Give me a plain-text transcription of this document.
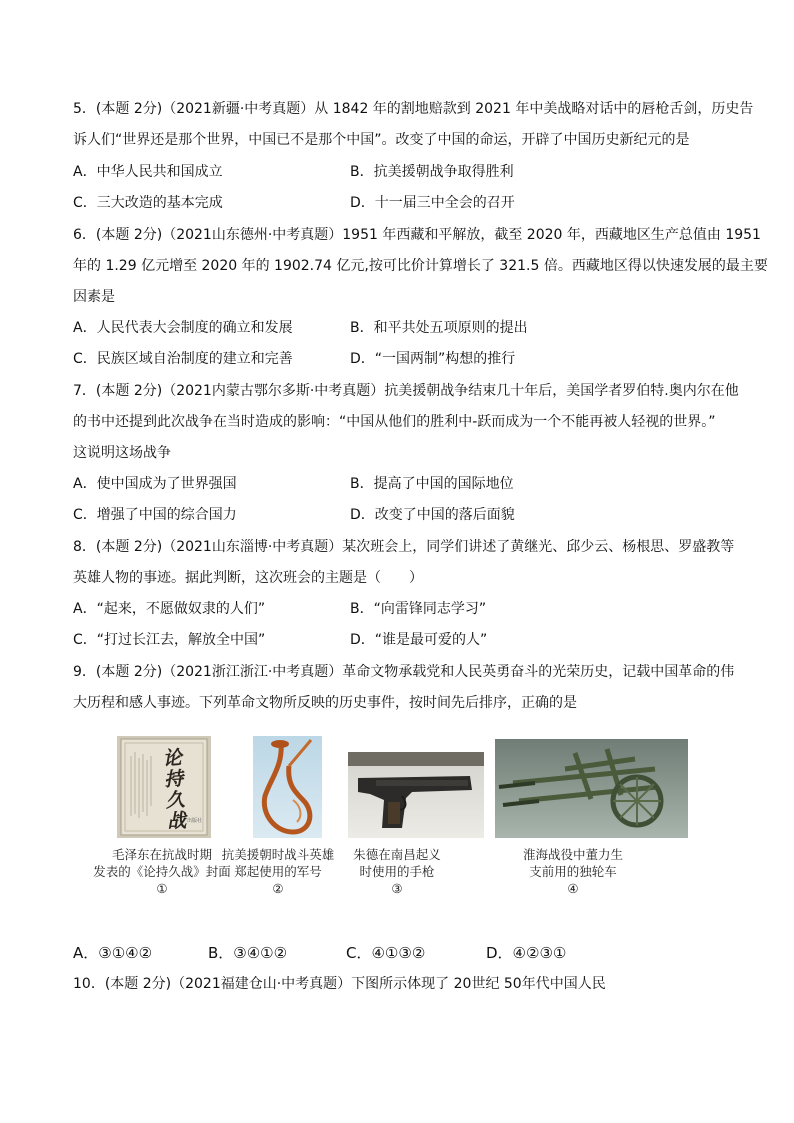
5．(本题 2分)（2021新疆·中考真题）从 1842 年的割地赔款到 2021 年中美战略对话中的唇枪舌剑，历史告
诉人们“世界还是那个世界，中国已不是那个中国”。改变了中国的命运，开辟了中国历史新纪元的是
A．中华人民共和国成立	B．抗美援朝战争取得胜利
C．三大改造的基本完成	D．十一届三中全会的召开
6．(本题 2分)（2021山东德州·中考真题）1951 年西藏和平解放，截至 2020 年，西藏地区生产总值由 1951
年的 1.29 亿元增至 2020 年的 1902.74 亿元,按可比价计算增长了 321.5 倍。西藏地区得以快速发展的最主要
因素是
A．人民代表大会制度的确立和发展	B．和平共处五项原则的提出
C．民族区域自治制度的建立和完善	D．“一国两制”构想的推行
7．(本题 2分)（2021内蒙古鄂尔多斯·中考真题）抗美援朝战争结束几十年后，美国学者罗伯特.奥内尔在他
的书中还提到此次战争在当时造成的影响：“中国从他们的胜利中-跃而成为一个不能再被人轻视的世界。”
这说明这场战争
A．使中国成为了世界强国	B．提高了中国的国际地位
C．增强了中国的综合国力	D．改变了中国的落后面貌
8．(本题 2分)（2021山东淄博·中考真题）某次班会上，同学们讲述了黄继光、邱少云、杨根思、罗盛教等
英雄人物的事迹。据此判断，这次班会的主题是（　　）
A．“起来，不愿做奴隶的人们”	B．“向雷锋同志学习”
C．“打过长江去，解放全中国”	D．“谁是最可爱的人”
9．(本题 2分)（2021浙江浙江·中考真题）革命文物承载党和人民英勇奋斗的光荣历史，记载中国革命的伟
大历程和感人事迹。下列革命文物所反映的历史事件，按时间先后排序，正确的是
出版社
论持久战
毛泽东在抗战时期
发表的《论持久战》封面
①
抗美援朝时战斗英雄
郑起使用的军号
②
朱德在南昌起义
时使用的手枪
③
淮海战役中董力生
支前用的独轮车
④
A．③①④②	B．③④①②	C．④①③②	D．④②③①
10．(本题 2分)（2021福建仓山·中考真题）下图所示体现了 20世纪 50年代中国人民
